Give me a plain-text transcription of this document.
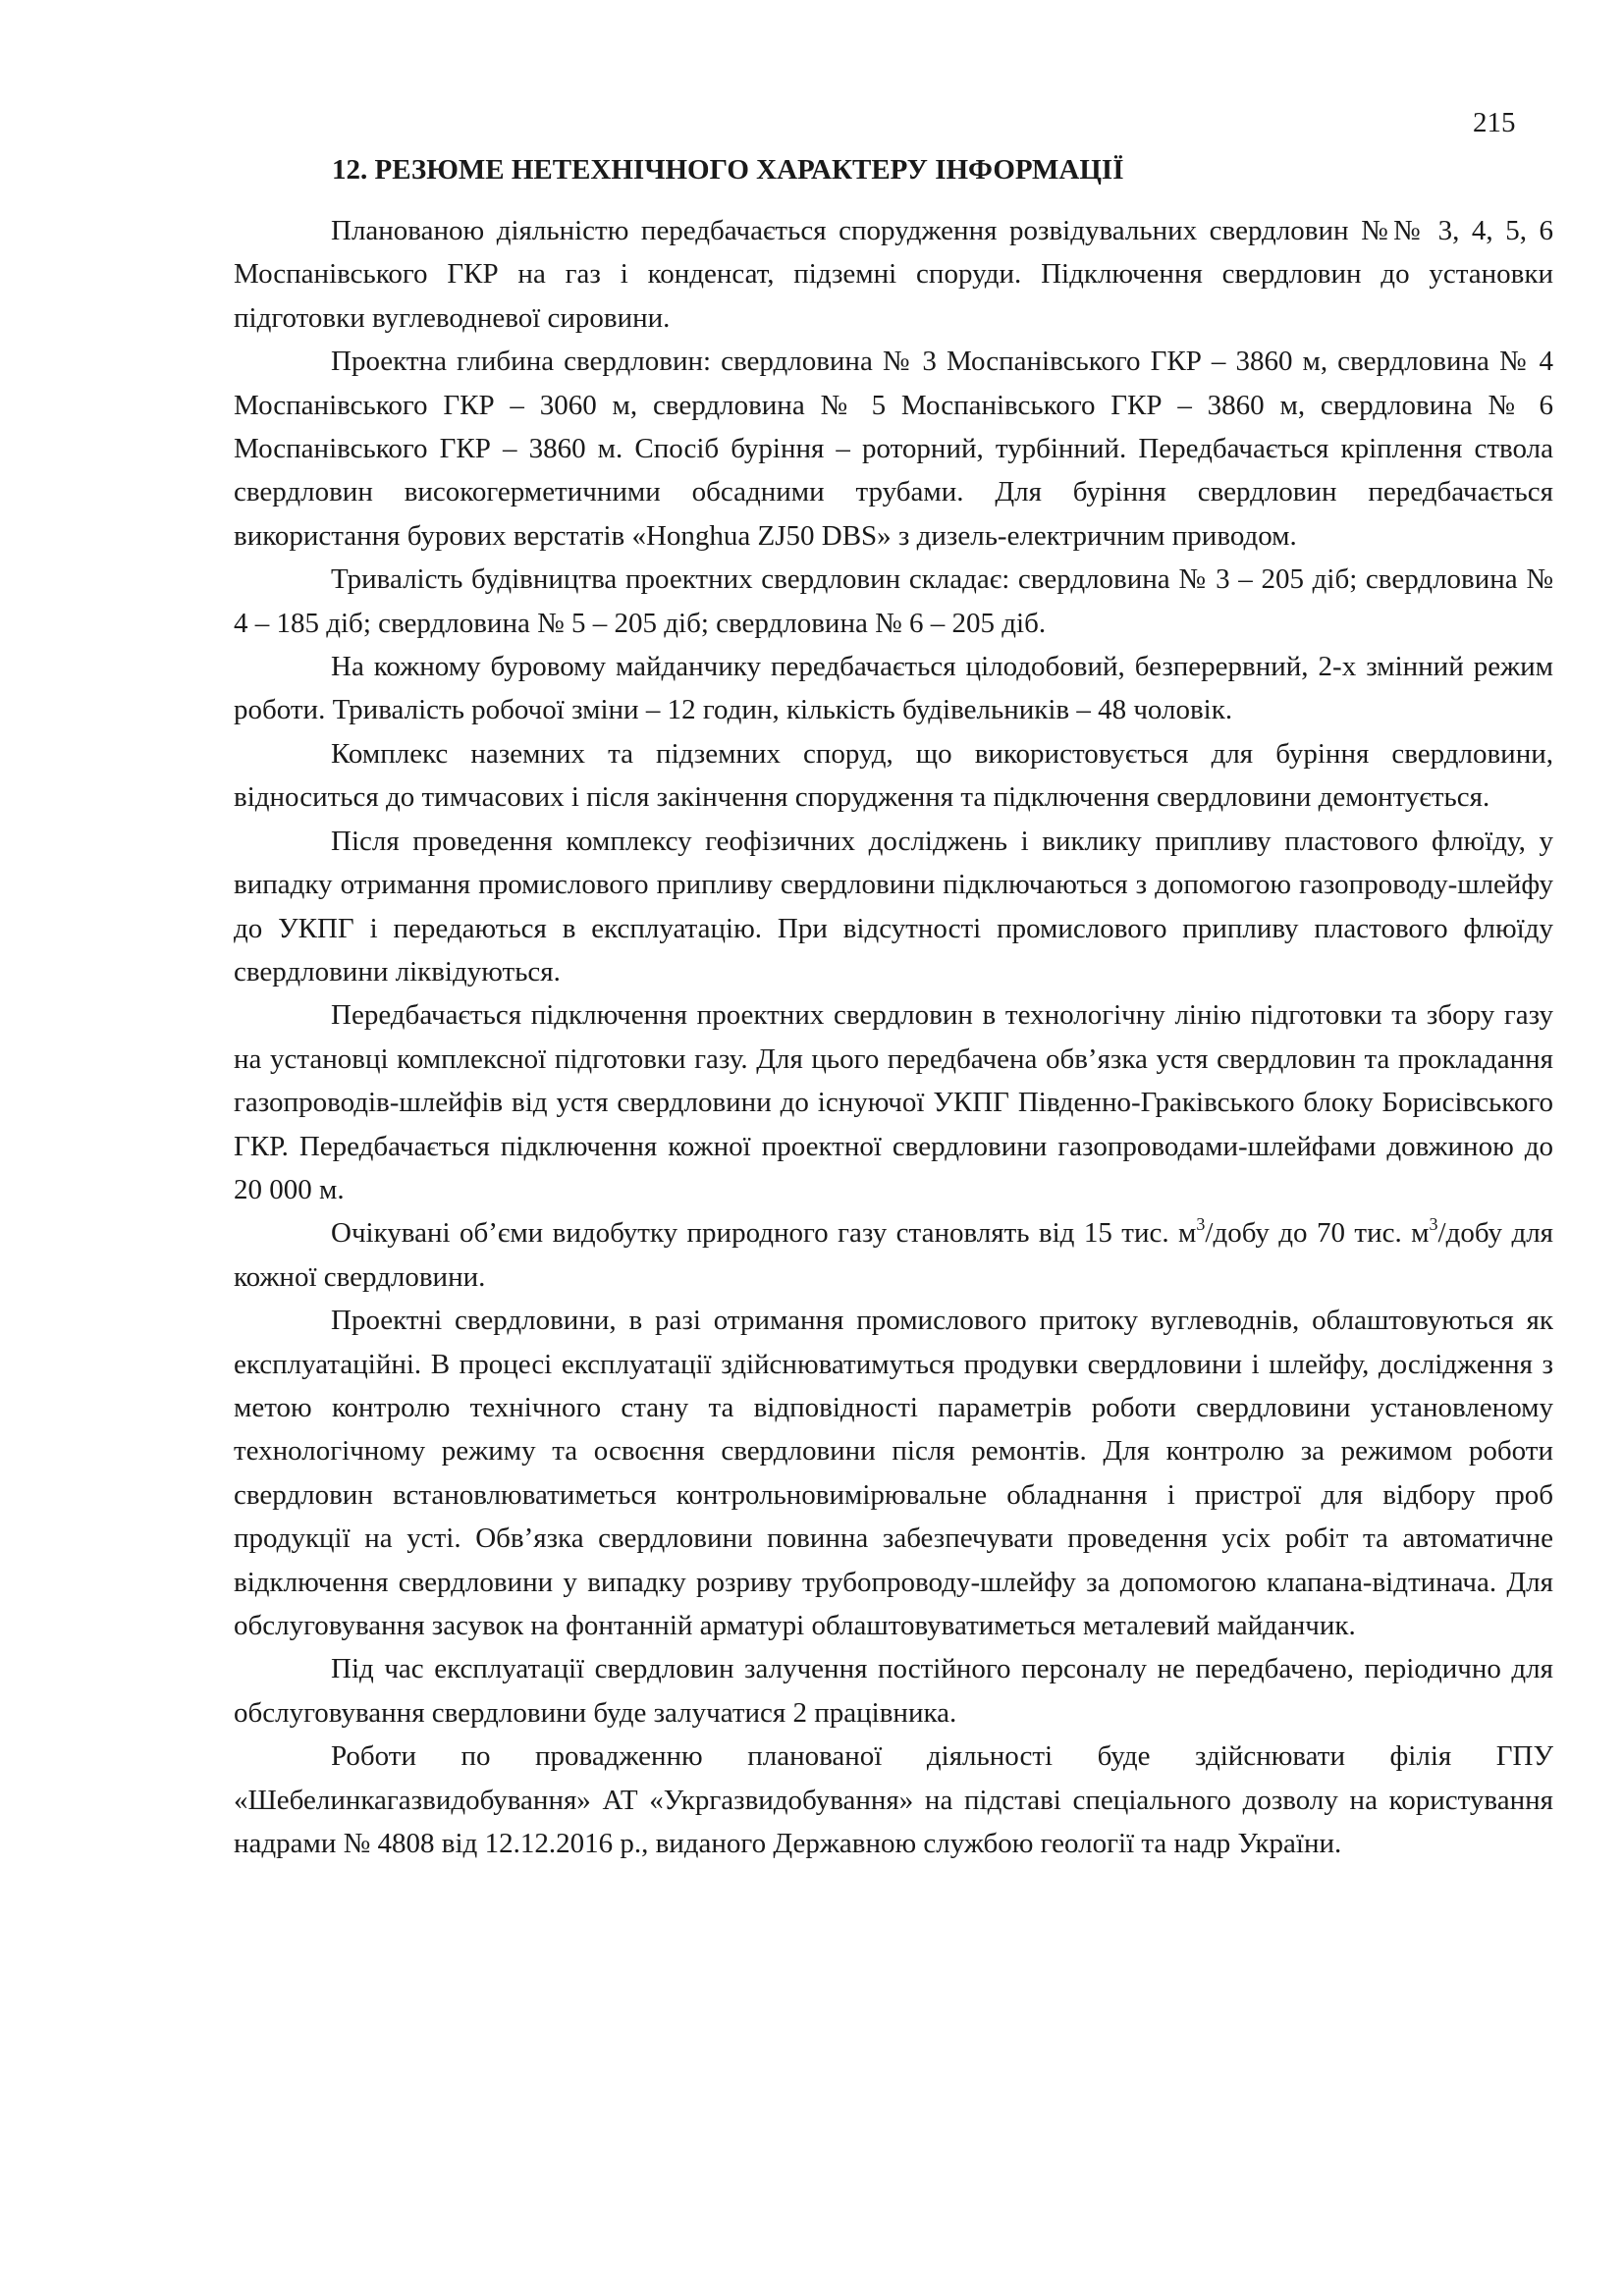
215
12. РЕЗЮМЕ НЕТЕХНІЧНОГО ХАРАКТЕРУ ІНФОРМАЦІЇ

Планованою діяльністю передбачається спорудження розвідувальних свердловин №№ 3, 4, 5, 6 Моспанівського ГКР на газ і конденсат, підземні споруди. Підключення свердловин до установки підготовки вуглеводневої сировини.

Проектна глибина свердловин: свердловина № 3 Моспанівського ГКР – 3860 м, свердловина № 4 Моспанівського ГКР – 3060 м, свердловина № 5 Моспанівського ГКР – 3860 м, свердловина № 6 Моспанівського ГКР – 3860 м. Спосіб буріння – роторний, турбінний. Передбачається кріплення ствола свердловин високогерметичними обсадними трубами. Для буріння свердловин передбачається використання бурових верстатів «Honghua ZJ50 DBS» з дизель-електричним приводом.

Тривалість будівництва проектних свердловин складає: свердловина № 3 – 205 діб; свердловина № 4 – 185 діб; свердловина № 5 – 205 діб; свердловина № 6 – 205 діб.

На кожному буровому майданчику передбачається цілодобовий, безперервний, 2-х змінний режим роботи. Тривалість робочої зміни – 12 годин, кількість будівельників – 48 чоловік.

Комплекс наземних та підземних споруд, що використовується для буріння свердловини, відноситься до тимчасових і після закінчення спорудження та підключення свердловини демонтується.

Після проведення комплексу геофізичних досліджень і виклику припливу пластового флюїду, у випадку отримання промислового припливу свердловини підключаються з допомогою газопроводу-шлейфу до УКПГ і передаються в експлуатацію. При відсутності промислового припливу пластового флюїду свердловини ліквідуються.

Передбачається підключення проектних свердловин в технологічну лінію підготовки та збору газу на установці комплексної підготовки газу. Для цього передбачена обв’язка устя свердловин та прокладання газопроводів-шлейфів від устя свердловини до існуючої УКПГ Південно-Граківського блоку Борисівського ГКР. Передбачається підключення кожної проектної свердловини газопроводами-шлейфами довжиною до 20 000 м.

Очікувані об’єми видобутку природного газу становлять від 15 тис. $м^3$/добу до 70 тис. $м^3$/добу для кожної свердловини.

Проектні свердловини, в разі отримання промислового притоку вуглеводнів, облаштовуються як експлуатаційні. В процесі експлуатації здійснюватимуться продувки свердловини і шлейфу, дослідження з метою контролю технічного стану та відповідності параметрів роботи свердловини установленому технологічному режиму та освоєння свердловини після ремонтів. Для контролю за режимом роботи свердловин встановлюватиметься контрольновимірювальне обладнання і пристрої для відбору проб продукції на усті. Обв’язка свердловини повинна забезпечувати проведення усіх робіт та автоматичне відключення свердловини у випадку розриву трубопроводу-шлейфу за допомогою клапана-відтинача. Для обслуговування засувок на фонтанній арматурі облаштовуватиметься металевий майданчик.

Під час експлуатації свердловин залучення постійного персоналу не передбачено, періодично для обслуговування свердловини буде залучатися 2 працівника.

Роботи по провадженню планованої діяльності буде здійснювати філія ГПУ «Шебелинкагазвидобування» АТ «Укргазвидобування» на підставі спеціального дозволу на користування надрами № 4808 від 12.12.2016 р., виданого Державною службою геології та надр України.
